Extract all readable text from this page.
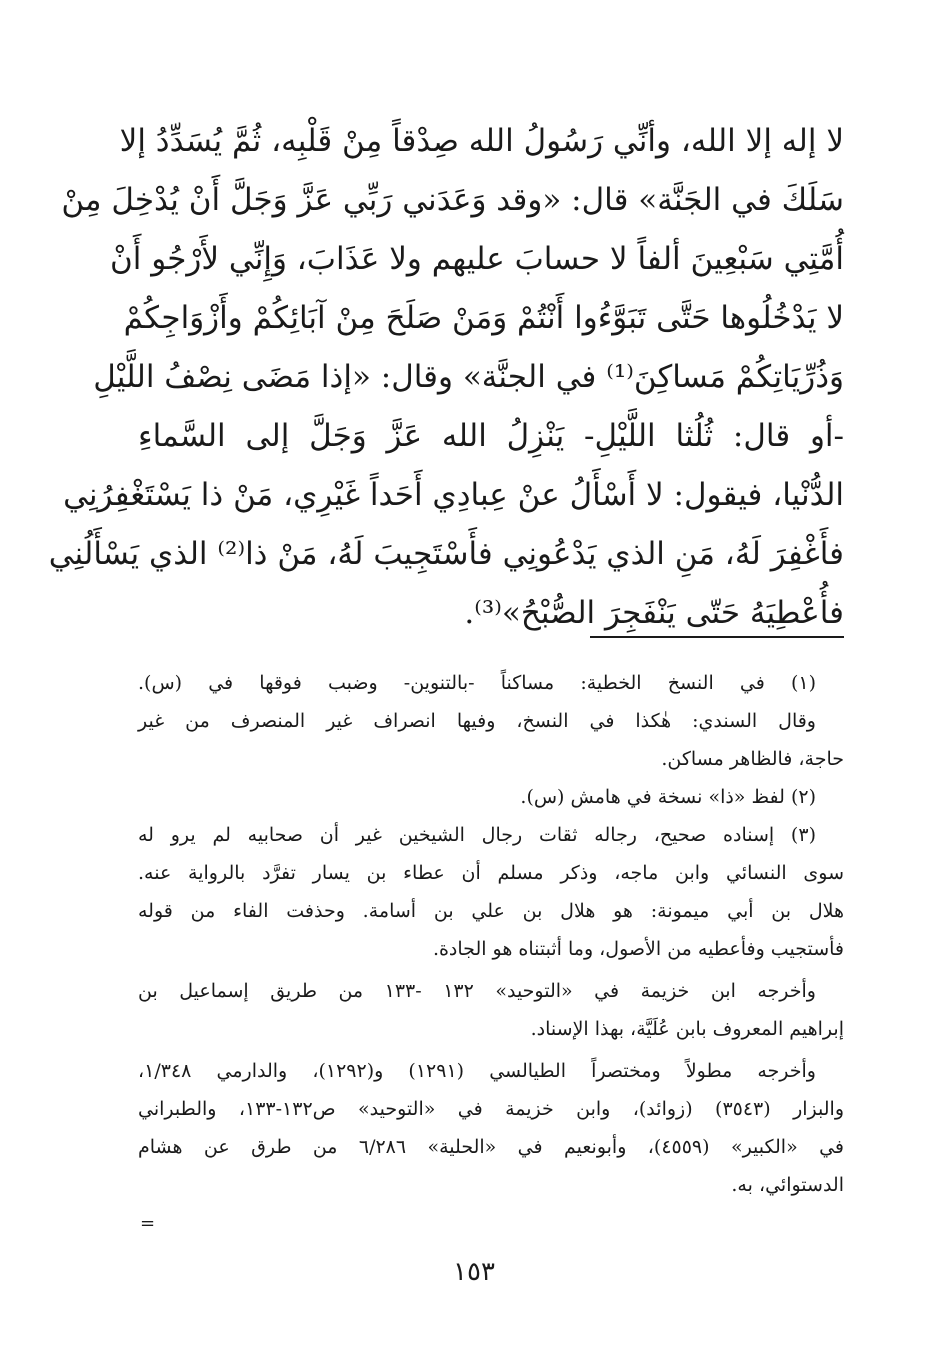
لا إله إلا الله، وأنِّي رَسُولُ الله صِدْقاً مِنْ قَلْبِه، ثُمَّ يُسَدِّدُ إلا
سَلَكَ في الجَنَّة» قال: «وقد وَعَدَني رَبِّي عَزَّ وَجَلَّ أَنْ يُدْخِلَ مِنْ
أُمَّتِي سَبْعِينَ ألفاً لا حسابَ عليهم ولا عَذَابَ، وَإِنِّي لأَرْجُو أَنْ
لا يَدْخُلُوها حَتَّى تَبَوَّءُوا أَنْتُمْ وَمَنْ صَلَحَ مِنْ آبَائِكُمْ وأَزْوَاجِكُمْ
وَذُرِّيَاتِكُمْ مَساكِنَ⁽¹⁾ في الجنَّة» وقال: «إذا مَضَى نِصْفُ اللَّيْلِ
-أو قال: ثُلُثا اللَّيْلِ- يَنْزِلُ الله عَزَّ وَجَلَّ إلى السَّماءِ
الدُّنْيا، فيقول: لا أَسْأَلُ عنْ عِبادِي أَحَداً غَيْرِي، مَنْ ذا يَسْتَغْفِرُنِي
فأَغْفِرَ لَهُ، مَنِ الذي يَدْعُونِي فأَسْتَجِيبَ لَهُ، مَنْ ذا⁽²⁾ الذي يَسْأَلُنِي
فأُعْطِيَهُ حَتّى يَنْفَجِرَ الصُّبْحُ»⁽³⁾.
(١) في النسخ الخطية: مساكناً -بالتنوين- وضبب فوقها في (س).
وقال السندي: هٰكذا في النسخ، وفيها انصراف غير المنصرف من غير
حاجة، فالظاهر مساكن.
(٢) لفظ «ذا» نسخة في هامش (س).
(٣) إسناده صحيح، رجاله ثقات رجال الشيخين غير أن صحابيه لم يرو له
سوى النسائي وابن ماجه، وذكر مسلم أن عطاء بن يسار تفرَّد بالرواية عنه.
هلال بن أبي ميمونة: هو هلال بن علي بن أسامة. وحذفت الفاء من قوله
فأستجيب وفأعطيه من الأصول، وما أثبتناه هو الجادة.
وأخرجه ابن خزيمة في «التوحيد» ١٣٢ -١٣٣ من طريق إسماعيل بن
إبراهيم المعروف بابن عُلَيَّة، بهذا الإسناد.
وأخرجه مطولاً ومختصراً الطيالسي (١٢٩١) و(١٢٩٢)، والدارمي ١/٣٤٨،
والبزار (٣٥٤٣) (زوائد)، وابن خزيمة في «التوحيد» ص١٣٢-١٣٣، والطبراني
في «الكبير» (٤٥٥٩)، وأبونعيم في «الحلية» ٦/٢٨٦ من طرق عن هشام
الدستوائي، به.
=
١٥٣
